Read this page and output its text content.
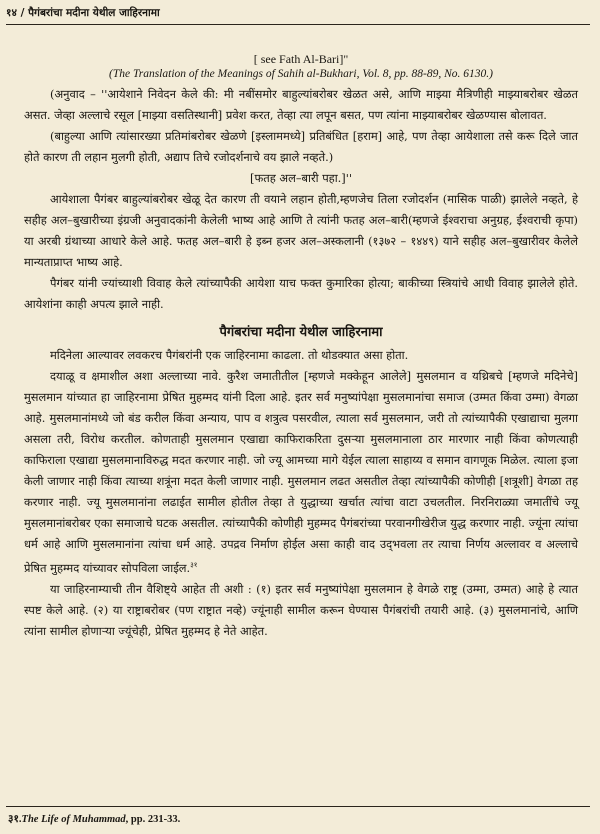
१४ / पैगंबरांचा मदीना येथील जाहिरनामा

[ see Fath Al-Bari]"

(The Translation of the Meanings of Sahih al-Bukhari, Vol. 8, pp. 88-89, No. 6130.)

(अनुवाद – ''आयेशाने निवेदन केले की: मी नबींसमोर बाहुल्यांबरोबर खेळत असे, आणि माझ्या मैत्रिणीही माझ्याबरोबर खेळत असत. जेव्हा अल्लाचे रसूल [माझ्या वसतिस्थानी] प्रवेश करत, तेव्हा त्या लपून बसत, पण त्यांना माझ्याबरोबर खेळण्यास बोलावत.

(बाहुल्या आणि त्यांसारख्या प्रतिमांबरोबर खेळणे [इस्लाममध्ये] प्रतिबंधित [हराम] आहे, पण तेव्हा आयेशाला तसे करू दिले जात होते कारण ती लहान मुलगी होती, अद्याप तिचे रजोदर्शनाचे वय झाले नव्हते.)

[फतह अल–बारी पहा.]''

आयेशाला पैगंबर बाहुल्यांबरोबर खेळू देत कारण ती वयाने लहान होती,म्हणजेच तिला रजोदर्शन (मासिक पाळी) झालेले नव्हते, हे सहीह अल–बुखारीच्या इंग्रजी अनुवादकांनी केलेली भाष्य आहे आणि ते त्यांनी फतह अल–बारी(म्हणजे ईश्वराचा अनुग्रह, ईश्वराची कृपा) या अरबी ग्रंथाच्या आधारे केले आहे. फतह अल–बारी हे इब्न हजर अल–अस्कलानी (१३७२ – १४४९) याने सहीह अल–बुखारीवर केलेले मान्यताप्राप्त भाष्य आहे.

पैगंबर यांनी ज्यांच्याशी विवाह केले त्यांच्यापैकी आयेशा याच फक्त कुमारिका होत्या; बाकीच्या स्त्रियांचे आधी विवाह झालेले होते. आयेशांना काही अपत्य झाले नाही.

पैगंबरांचा मदीना येथील जाहिरनामा

मदिनेला आल्यावर लवकरच पैगंबरांनी एक जाहिरनामा काढला. तो थोडक्यात असा होता.

दयाळू व क्षमाशील अशा अल्लाच्या नावे. कुरैश जमातीतील [म्हणजे मक्केहून आलेले] मुसलमान व यथ्रिबचे [म्हणजे मदिनेचे] मुसलमान यांच्यात हा जाहिरनामा प्रेषित मुहम्मद यांनी दिला आहे. इतर सर्व मनुष्यांपेक्षा मुसलमानांचा समाज (उम्मत किंवा उम्मा) वेगळा आहे. मुसलमानांमध्ये जो बंड करील किंवा अन्याय, पाप व शत्रुत्व पसरवील, त्याला सर्व मुसलमान, जरी तो त्यांच्यापैकी एखाद्याचा मुलगा असला तरी, विरोध करतील. कोणताही मुसलमान एखाद्या काफिराकरिता दुसऱ्या मुसलमानाला ठार मारणार नाही किंवा कोणत्याही काफिराला एखाद्या मुसलमानाविरुद्ध मदत करणार नाही. जो ज्यू आमच्या मागे येईल त्याला साहाय्य व समान वागणूक मिळेल. त्याला इजा केली जाणार नाही किंवा त्याच्या शत्रूंना मदत केली जाणार नाही. मुसलमान लढत असतील तेव्हा त्यांच्यापैकी कोणीही [शत्रूशी] वेगळा तह करणार नाही. ज्यू मुसलमानांना लढाईत सामील होतील तेव्हा ते युद्धाच्या खर्चात त्यांचा वाटा उचलतील. निरनिराळ्या जमातींचे ज्यू मुसलमानांबरोबर एका समाजाचे घटक असतील. त्यांच्यापैकी कोणीही मुहम्मद पैगंबरांच्या परवानगीखेरीज युद्ध करणार नाही. ज्यूंना त्यांचा धर्म आहे आणि मुसलमानांना त्यांचा धर्म आहे. उपद्रव निर्माण होईल असा काही वाद उद्‌भवला तर त्याचा निर्णय अल्लावर व अल्लाचे प्रेषित मुहम्मद यांच्यावर सोपविला जाईल.$^{३१}$

या जाहिरनाम्याची तीन वैशिष्ट्ये आहेत ती अशी : (१) इतर सर्व मनुष्यांपेक्षा मुसलमान हे वेगळे राष्ट्र (उम्मा, उम्मत) आहे हे त्यात स्पष्ट केले आहे. (२) या राष्ट्राबरोबर (पण राष्ट्रात नव्हे) ज्यूंनाही सामील करून घेण्यास पैगंबरांची तयारी आहे. (३) मुसलमानांचे, आणि त्यांना सामील होणाऱ्या ज्यूंचेही, प्रेषित मुहम्मद हे नेते आहेत.

३१.The Life of Muhammad, pp. 231-33.
